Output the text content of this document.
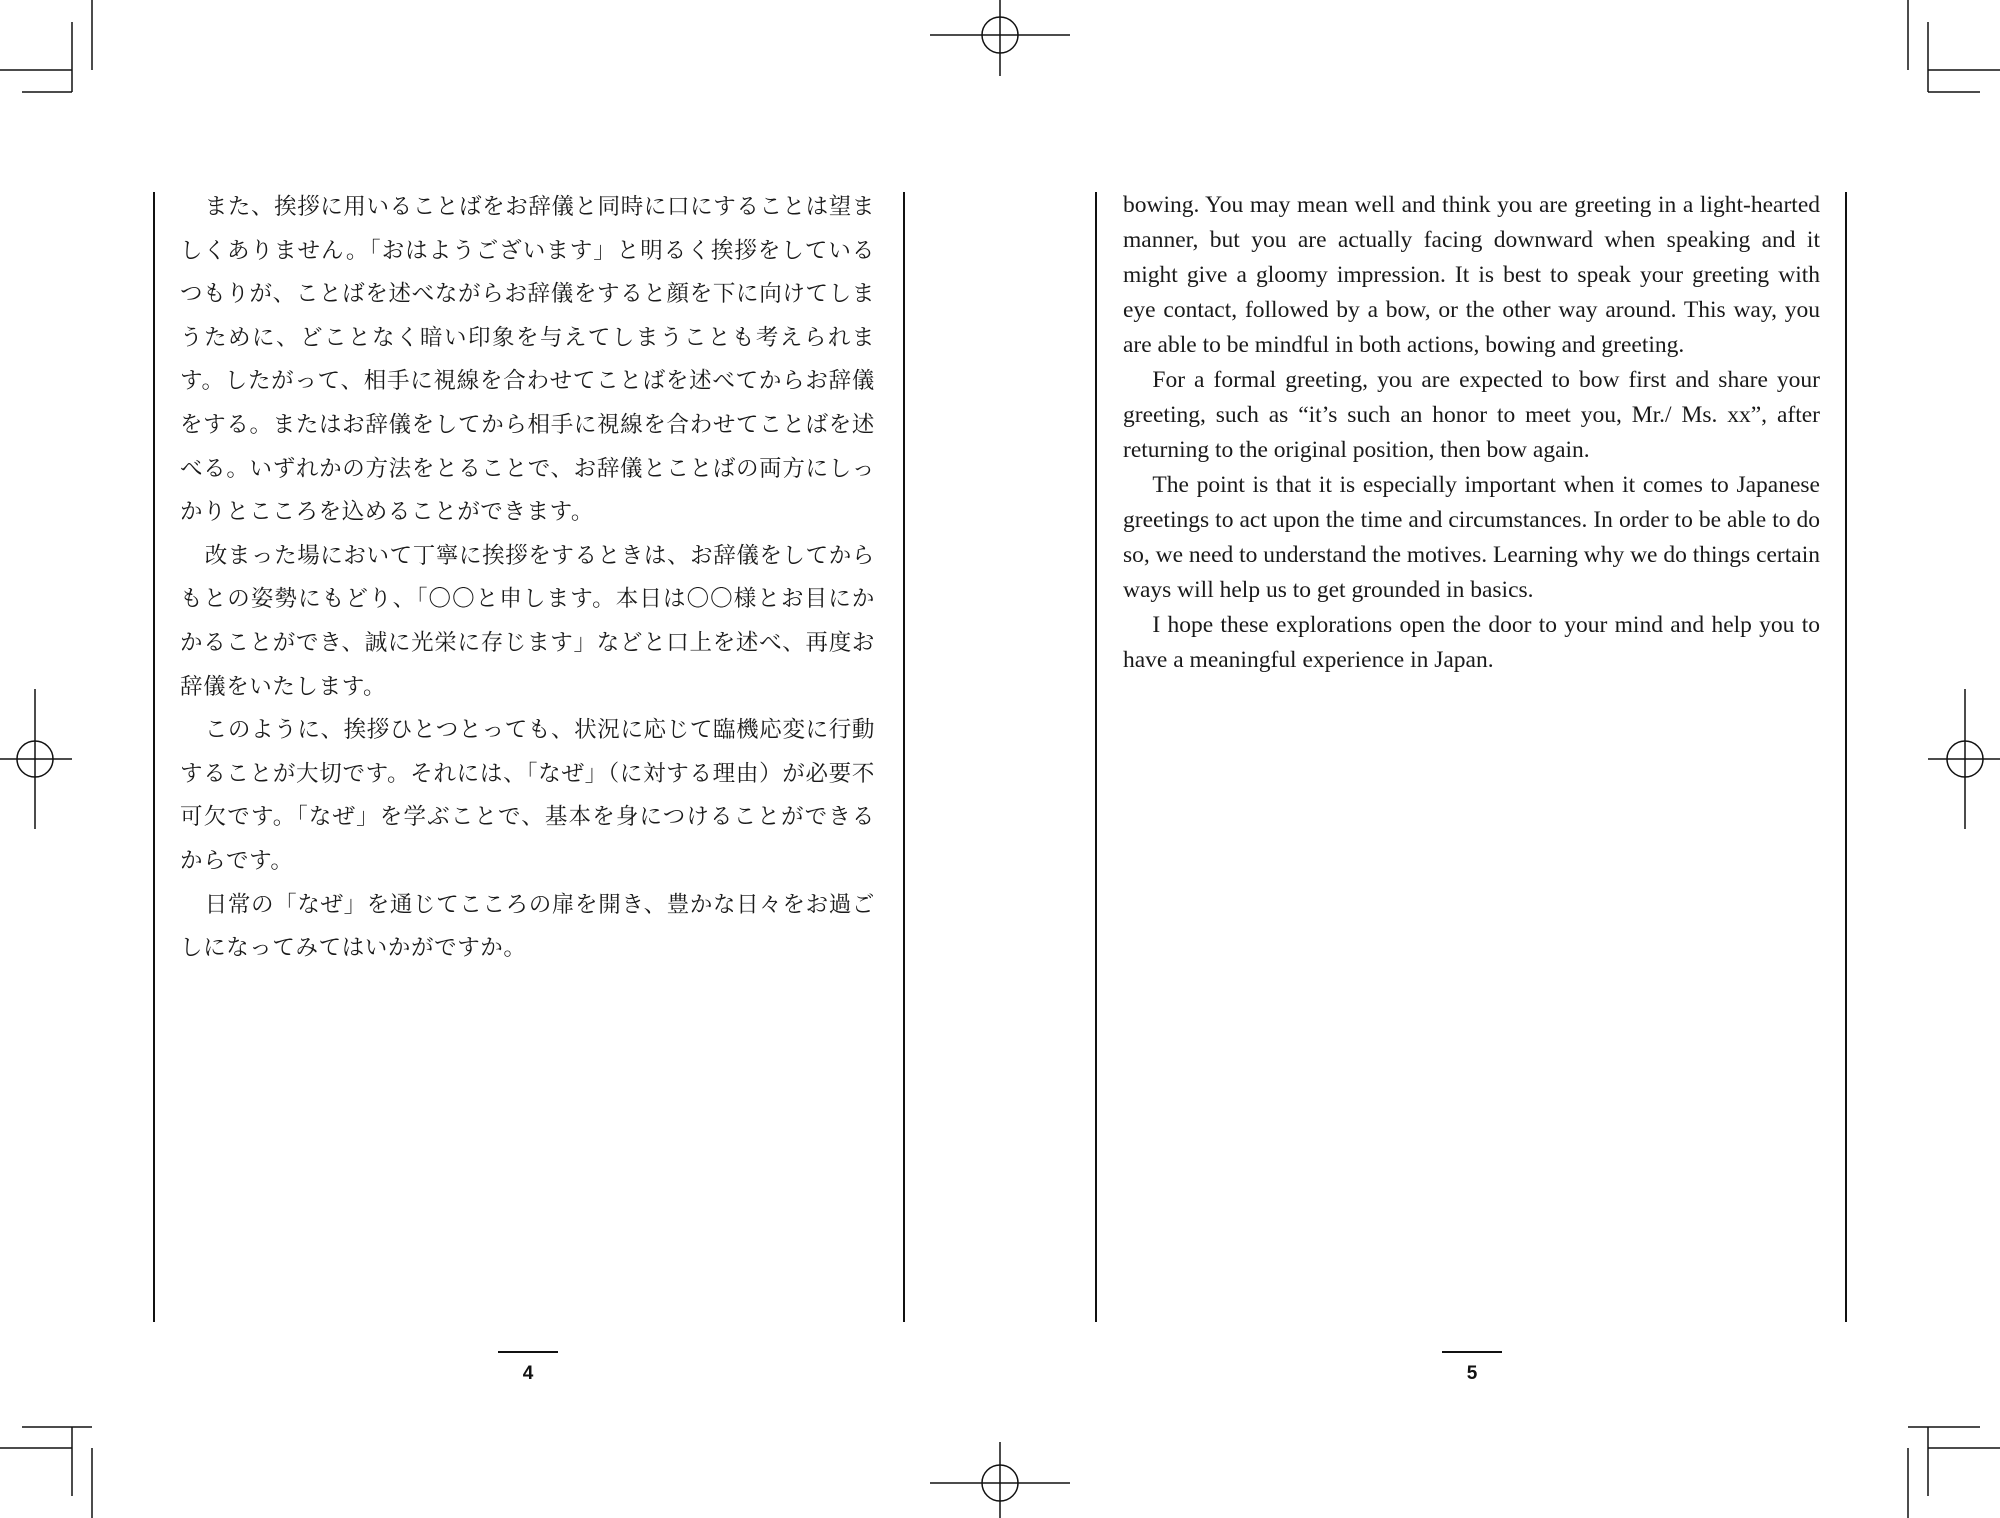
また、挨拶に用いることばをお辞儀と同時に口にすることは望ましくありません。「おはようございます」と明るく挨拶をしているつもりが、ことばを述べながらお辞儀をすると顔を下に向けてしまうために、どことなく暗い印象を与えてしまうことも考えられます。したがって、相手に視線を合わせてことばを述べてからお辞儀をする。またはお辞儀をしてから相手に視線を合わせてことばを述べる。いずれかの方法をとることで、お辞儀とことばの両方にしっかりとこころを込めることができます。

改まった場において丁寧に挨拶をするときは、お辞儀をしてからもとの姿勢にもどり、「〇〇と申します。本日は〇〇様とお目にかかることができ、誠に光栄に存じます」などと口上を述べ、再度お辞儀をいたします。

このように、挨拶ひとつとっても、状況に応じて臨機応変に行動することが大切です。それには、「なぜ」（に対する理由）が必要不可欠です。「なぜ」を学ぶことで、基本を身につけることができるからです。

日常の「なぜ」を通じてこころの扉を開き、豊かな日々をお過ごしになってみてはいかがですか。

bowing. You may mean well and think you are greeting in a light-hearted manner, but you are actually facing downward when speaking and it might give a gloomy impression. It is best to speak your greeting with eye contact, followed by a bow, or the other way around. This way, you are able to be mindful in both actions, bowing and greeting.

For a formal greeting, you are expected to bow first and share your greeting, such as “it’s such an honor to meet you, Mr./ Ms. xx”, after returning to the original position, then bow again.

The point is that it is especially important when it comes to Japanese greetings to act upon the time and circumstances. In order to be able to do so, we need to understand the motives. Learning why we do things certain ways will help us to get grounded in basics.

I hope these explorations open the door to your mind and help you to have a meaningful experience in Japan.

4	5
